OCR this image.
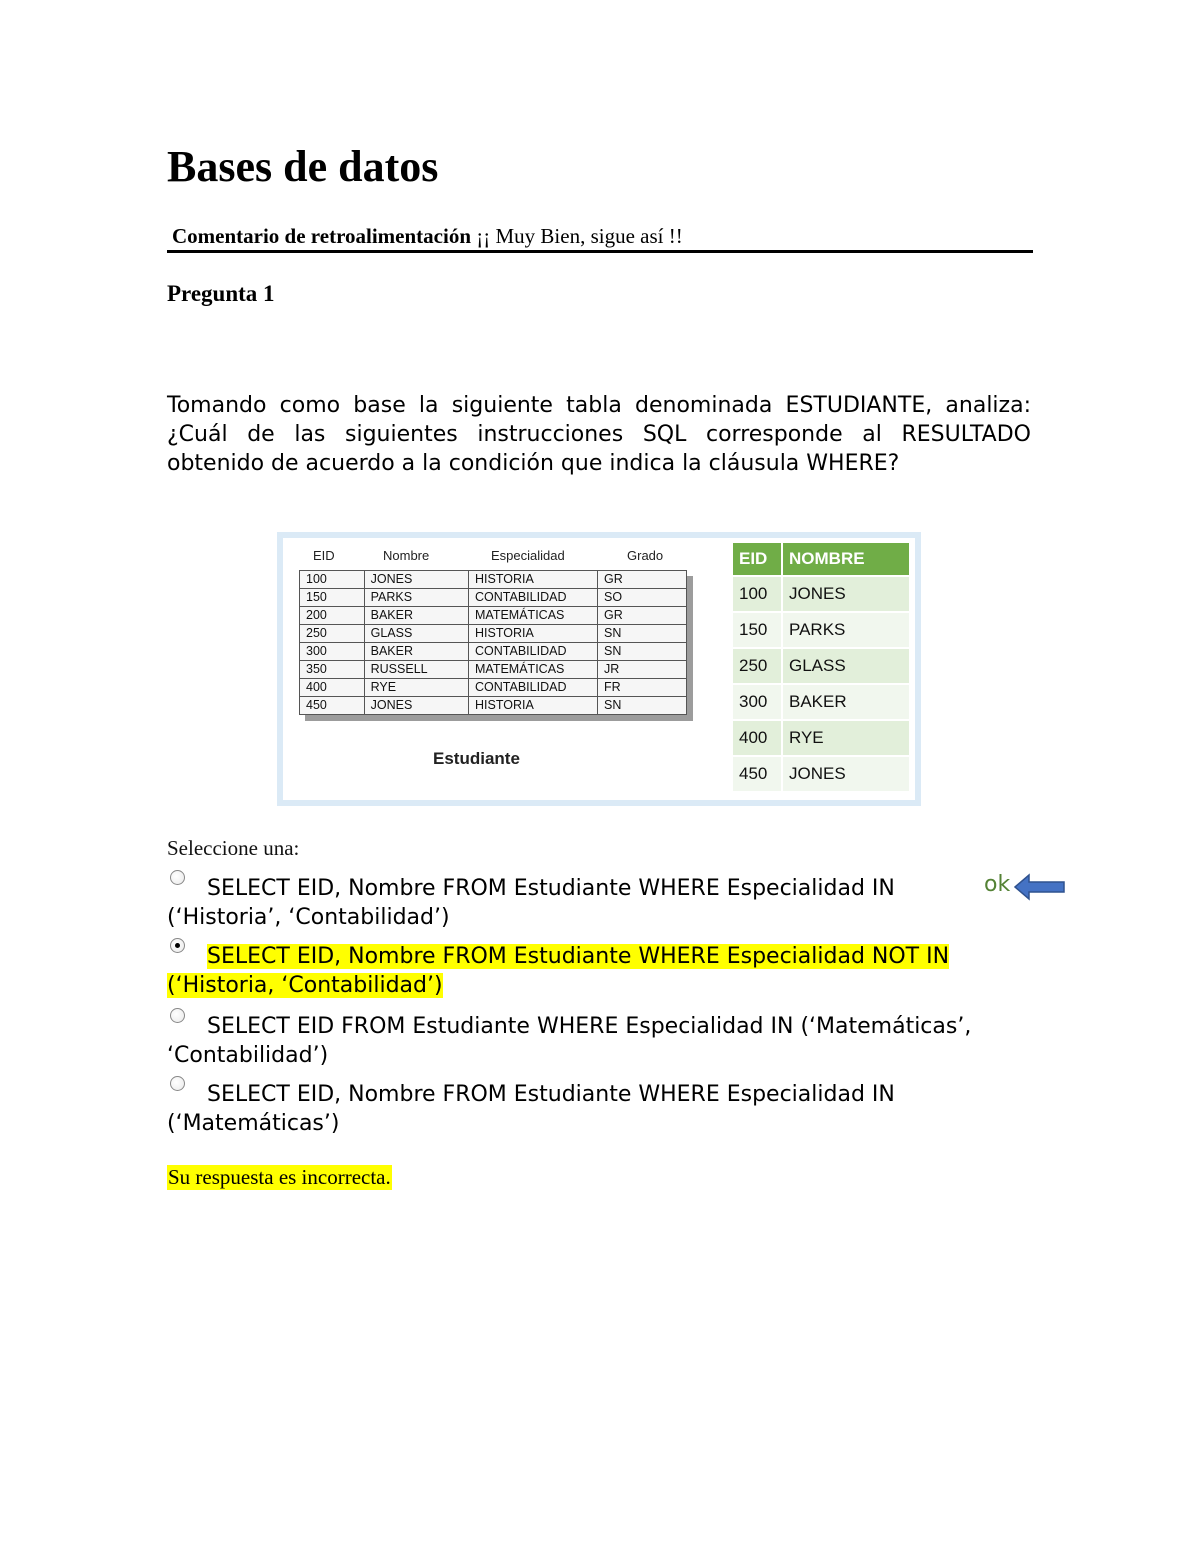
Bases de datos
Comentario de retroalimentación ¡¡ Muy Bien, sigue así !!
Pregunta 1
Tomando como base la siguiente tabla denominada ESTUDIANTE, analiza: ¿Cuál de las siguientes instrucciones SQL corresponde al RESULTADO obtenido de acuerdo a la condición que indica la cláusula WHERE?
EID	Nombre	Especialidad	Grado
100	JONES	HISTORIA	GR
150	PARKS	CONTABILIDAD	SO
200	BAKER	MATEMÁTICAS	GR
250	GLASS	HISTORIA	SN
300	BAKER	CONTABILIDAD	SN
350	RUSSELL	MATEMÁTICAS	JR
400	RYE	CONTABILIDAD	FR
450	JONES	HISTORIA	SN
Estudiante
EID	NOMBRE
100	JONES
150	PARKS
250	GLASS
300	BAKER
400	RYE
450	JONES
Seleccione una:
SELECT EID, Nombre FROM Estudiante WHERE Especialidad IN
(‘Historia’, ‘Contabilidad’)
ok
SELECT EID, Nombre FROM Estudiante WHERE Especialidad NOT IN
(‘Historia, ‘Contabilidad’)
SELECT EID FROM Estudiante WHERE Especialidad IN (‘Matemáticas’,
‘Contabilidad’)
SELECT EID, Nombre FROM Estudiante WHERE Especialidad IN
(‘Matemáticas’)
Su respuesta es incorrecta.
